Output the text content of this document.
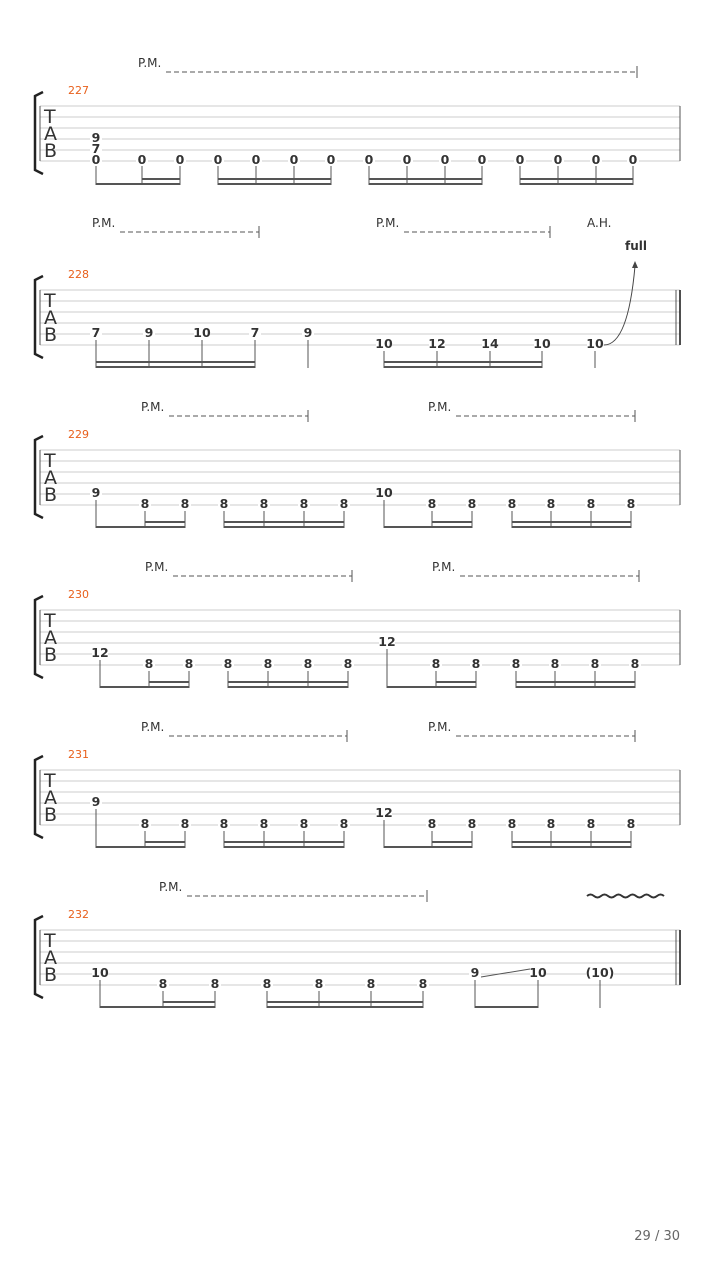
P.M.
227
T
A
B
9
7
0	0 0 0 0 0 0 0 0 0 0 0 0 0 0
P.M.	P.M.	A.H.
full
228
T
A
B	7	9	10	7	9
10	12	14	10	10
P.M.	P.M.
229
T
A
B	9
8	8 8	8	8	8
10
8	8	8 8	8	8
P.M.	P.M.
230
T
A
B	12
8	8 8	8	8	8
12
8	8	8 8	8	8
P.M.	P.M.
231
T
A
B
9
8	8 8	8	8	8
12
8	8	8 8	8	8
P.M.
232
T
A
B	10
8	8	8	8	8	8
9	10	(10)
29 / 30
